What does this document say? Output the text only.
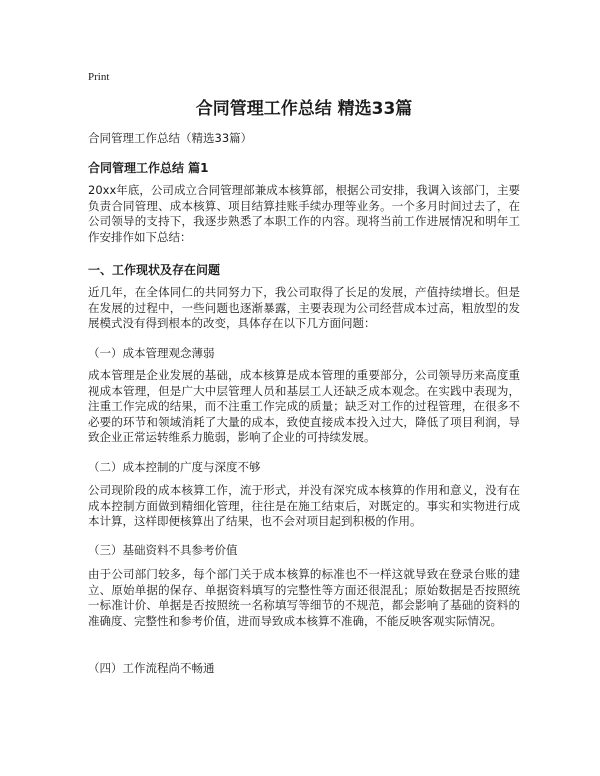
Print
合同管理工作总结 精选33篇
合同管理工作总结（精选33篇）
合同管理工作总结 篇1

20xx年底，公司成立合同管理部兼成本核算部，根据公司安排，我调入该部门，主要负责合同管理、成本核算、项目结算挂账手续办理等业务。一个多月时间过去了，在公司领导的支持下，我逐步熟悉了本职工作的内容。现将当前工作进展情况和明年工作安排作如下总结：

一、工作现状及存在问题

近几年，在全体同仁的共同努力下，我公司取得了长足的发展，产值持续增长。但是在发展的过程中，一些问题也逐渐暴露，主要表现为公司经营成本过高，粗放型的发展模式没有得到根本的改变，具体存在以下几方面问题：

（一）成本管理观念薄弱

成本管理是企业发展的基础，成本核算是成本管理的重要部分，公司领导历来高度重视成本管理，但是广大中层管理人员和基层工人还缺乏成本观念。在实践中表现为，注重工作完成的结果，而不注重工作完成的质量；缺乏对工作的过程管理，在很多不必要的环节和领域消耗了大量的成本，致使直接成本投入过大，降低了项目利润，导致企业正常运转维系力脆弱，影响了企业的可持续发展。

（二）成本控制的广度与深度不够

公司现阶段的成本核算工作，流于形式，并没有深究成本核算的作用和意义，没有在成本控制方面做到精细化管理，往往是在施工结束后，对既定的。事实和实物进行成本计算，这样即便核算出了结果，也不会对项目起到积极的作用。

（三）基础资料不具参考价值

由于公司部门较多，每个部门关于成本核算的标准也不一样这就导致在登录台账的建立、原始单据的保存、单据资料填写的完整性等方面还很混乱；原始数据是否按照统一标准计价、单据是否按照统一名称填写等细节的不规范，都会影响了基础的资料的准确度、完整性和参考价值，进而导致成本核算不准确，不能反映客观实际情况。

（四）工作流程尚不畅通
